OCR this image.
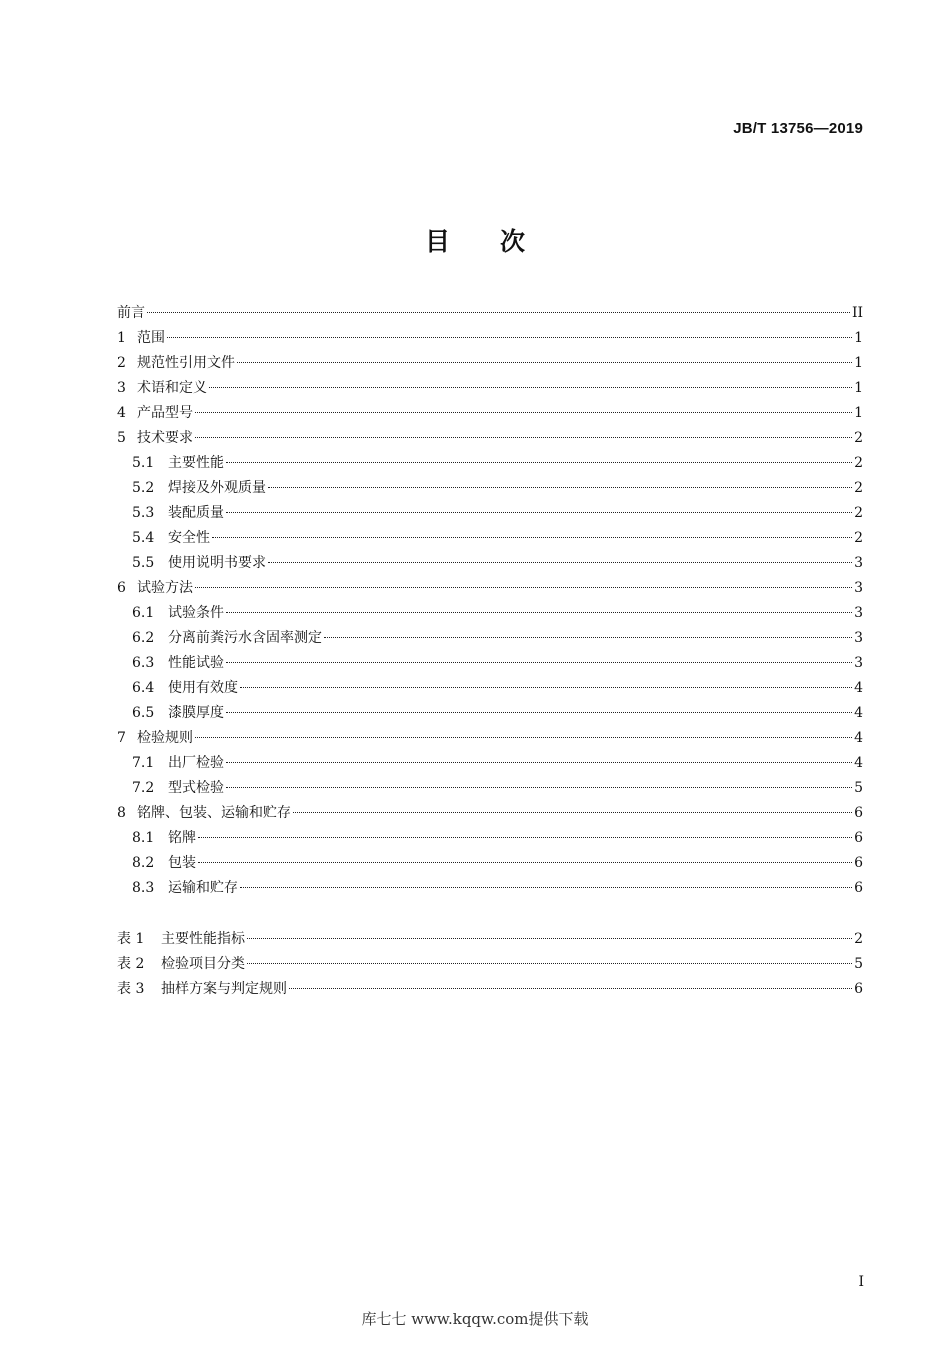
JB/T 13756—2019
目次
前言	II
1 范围	1
2 规范性引用文件	1
3 术语和定义	1
4 产品型号	1
5 技术要求	2
5.1 主要性能	2
5.2 焊接及外观质量	2
5.3 装配质量	2
5.4 安全性	2
5.5 使用说明书要求	3
6 试验方法	3
6.1 试验条件	3
6.2 分离前粪污水含固率测定	3
6.3 性能试验	3
6.4 使用有效度	4
6.5 漆膜厚度	4
7 检验规则	4
7.1 出厂检验	4
7.2 型式检验	5
8 铭牌、包装、运输和贮存	6
8.1 铭牌	6
8.2 包装	6
8.3 运输和贮存	6
表 1	主要性能指标	2
表 2	检验项目分类	5
表 3	抽样方案与判定规则	6
I
库七七 www.kqqw.com提供下载
